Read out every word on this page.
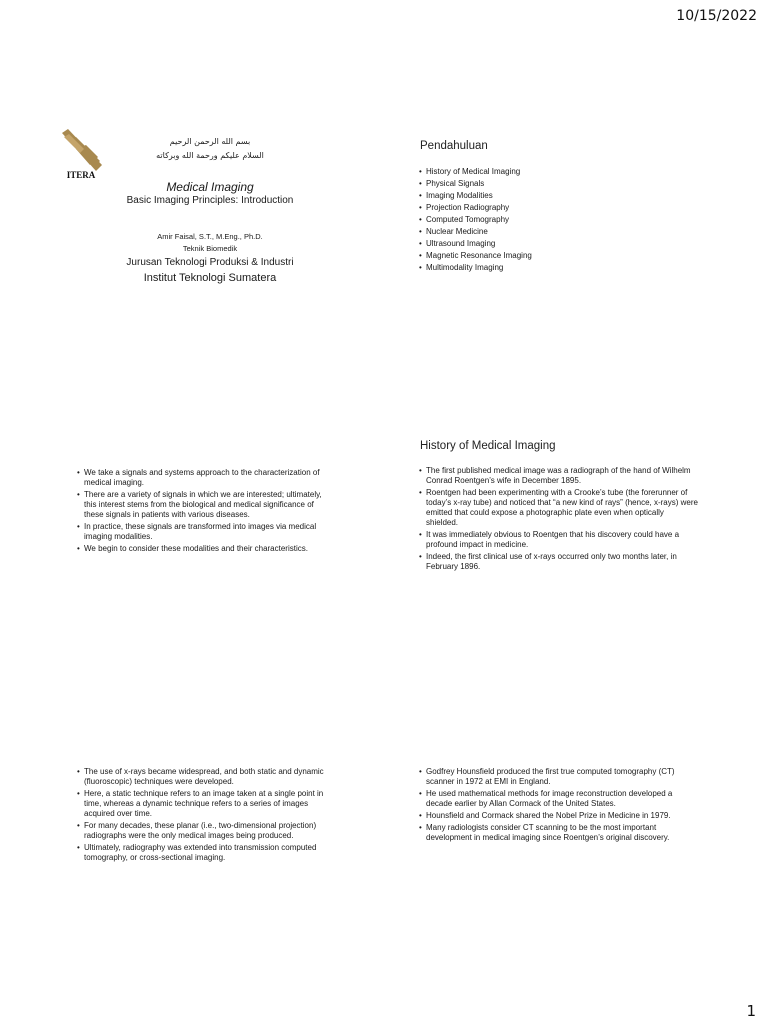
10/15/2022
ITERA
بسم الله الرحمن الرحيم
السلام عليكم ورحمة الله وبركاته
Medical Imaging
Basic Imaging Principles: Introduction
Amir Faisal, S.T., M.Eng., Ph.D.
Teknik Biomedik
Jurusan Teknologi Produksi & Industri
Institut Teknologi Sumatera
Pendahuluan
• History of Medical Imaging
• Physical Signals
• Imaging Modalities
• Projection Radiography
• Computed Tomography
• Nuclear Medicine
• Ultrasound Imaging
• Magnetic Resonance Imaging
• Multimodality Imaging
• We take a signals and systems approach to the characterization of medical imaging.
• There are a variety of signals in which we are interested; ultimately, this interest stems from the biological and medical significance of these signals in patients with various diseases.
• In practice, these signals are transformed into images via medical imaging modalities.
• We begin to consider these modalities and their characteristics.
History of Medical Imaging
• The first published medical image was a radiograph of the hand of Wilhelm Conrad Roentgen’s wife in December 1895.
• Roentgen had been experimenting with a Crooke’s tube (the forerunner of today’s x-ray tube) and noticed that “a new kind of rays” (hence, x-rays) were emitted that could expose a photographic plate even when optically shielded.
• It was immediately obvious to Roentgen that his discovery could have a profound impact in medicine.
• Indeed, the first clinical use of x-rays occurred only two months later, in February 1896.
• The use of x-rays became widespread, and both static and dynamic (fluoroscopic) techniques were developed.
• Here, a static technique refers to an image taken at a single point in time, whereas a dynamic technique refers to a series of images acquired over time.
• For many decades, these planar (i.e., two-dimensional projection) radiographs were the only medical images being produced.
• Ultimately, radiography was extended into transmission computed tomography, or cross-sectional imaging.
• Godfrey Hounsfield produced the first true computed tomography (CT) scanner in 1972 at EMI in England.
• He used mathematical methods for image reconstruction developed a decade earlier by Allan Cormack of the United States.
• Hounsfield and Cormack shared the Nobel Prize in Medicine in 1979.
• Many radiologists consider CT scanning to be the most important development in medical imaging since Roentgen’s original discovery.
1
